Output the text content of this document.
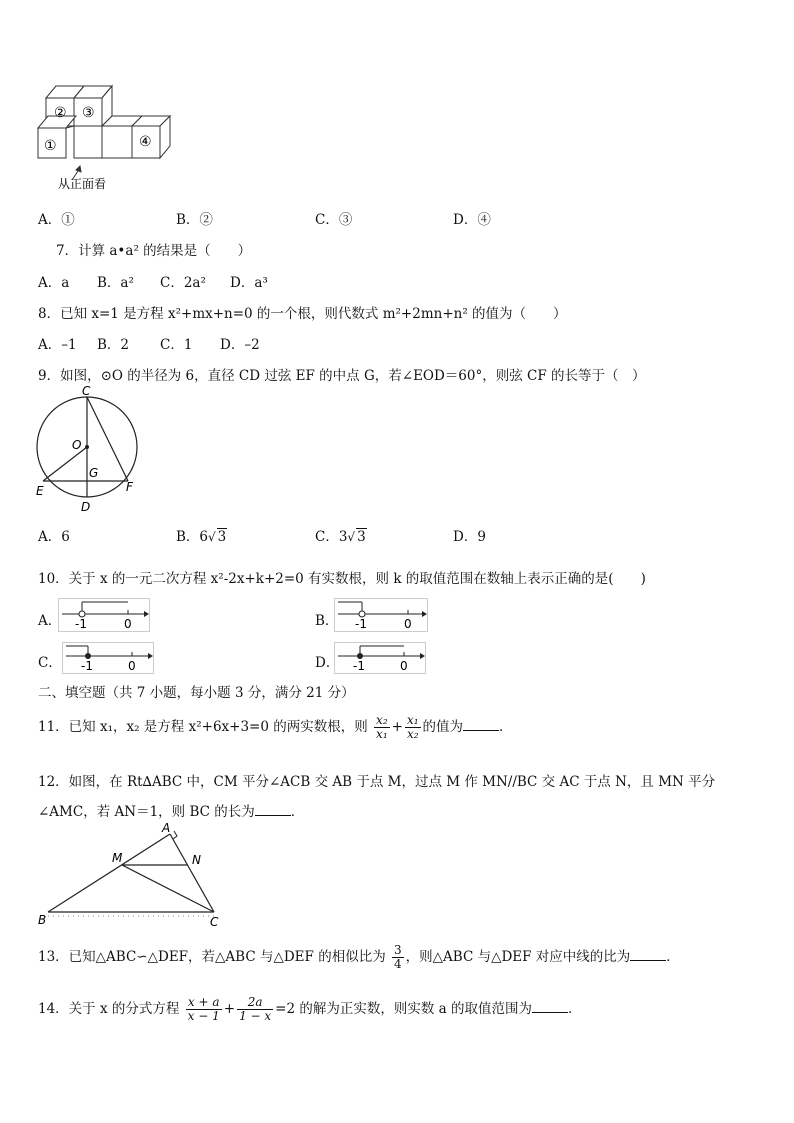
② ③
①	④
从正面看
A．①	B．②	C．③	D．④
7．计算 a•a² 的结果是（　　）
A．a B．a² C．2a² D．a³
8．已知 x=1 是方程 x²+mx+n=0 的一个根，则代数式 m²+2mn+n² 的值为（　　）
A．–1 B．2 C．1 D．–2
9．如图，⊙O 的半径为 6，直径 CD 过弦 EF 的中点 G，若∠EOD＝60°，则弦 CF 的长等于（　）
C
O
G
E	F
D
A．6	B．6√ 3	C．3√ 3	D．9
10．关于 x 的一元二次方程 x²-2x+k+2=0 有实数根，则 k 的取值范围在数轴上表示正确的是(　　)
A． -1	0	B． -1	0
C． -1	0	D． -1	0
二、填空题（共 7 小题，每小题 3 分，满分 21 分）
11．已知 x₁，x₂ 是方程 x²+6x+3=0 的两实数根，则 $\frac{\text{x₂}}{\text{x₁}} + \frac{\text{x₁}}{\text{x₂}}$ 的值为	．
12．如图，在 Rt∆ABC 中，CM 平分∠ACB 交 AB 于点 M，过点 M 作 MN//BC 交 AC 于点 N，且 MN 平分
∠AMC，若 AN＝1，则 BC 的长为	．
A
M	N
B	C
13．已知△ABC∽△DEF，若△ABC 与△DEF 的相似比为 $\frac{3}{4}$ ，则△ABC 与△DEF 对应中线的比为	．
14．关于 x 的分式方程 $\frac{x + a}{x - 1} + \frac{2a}{1 - x} =2$ 的解为正实数，则实数 a 的取值范围为	．
